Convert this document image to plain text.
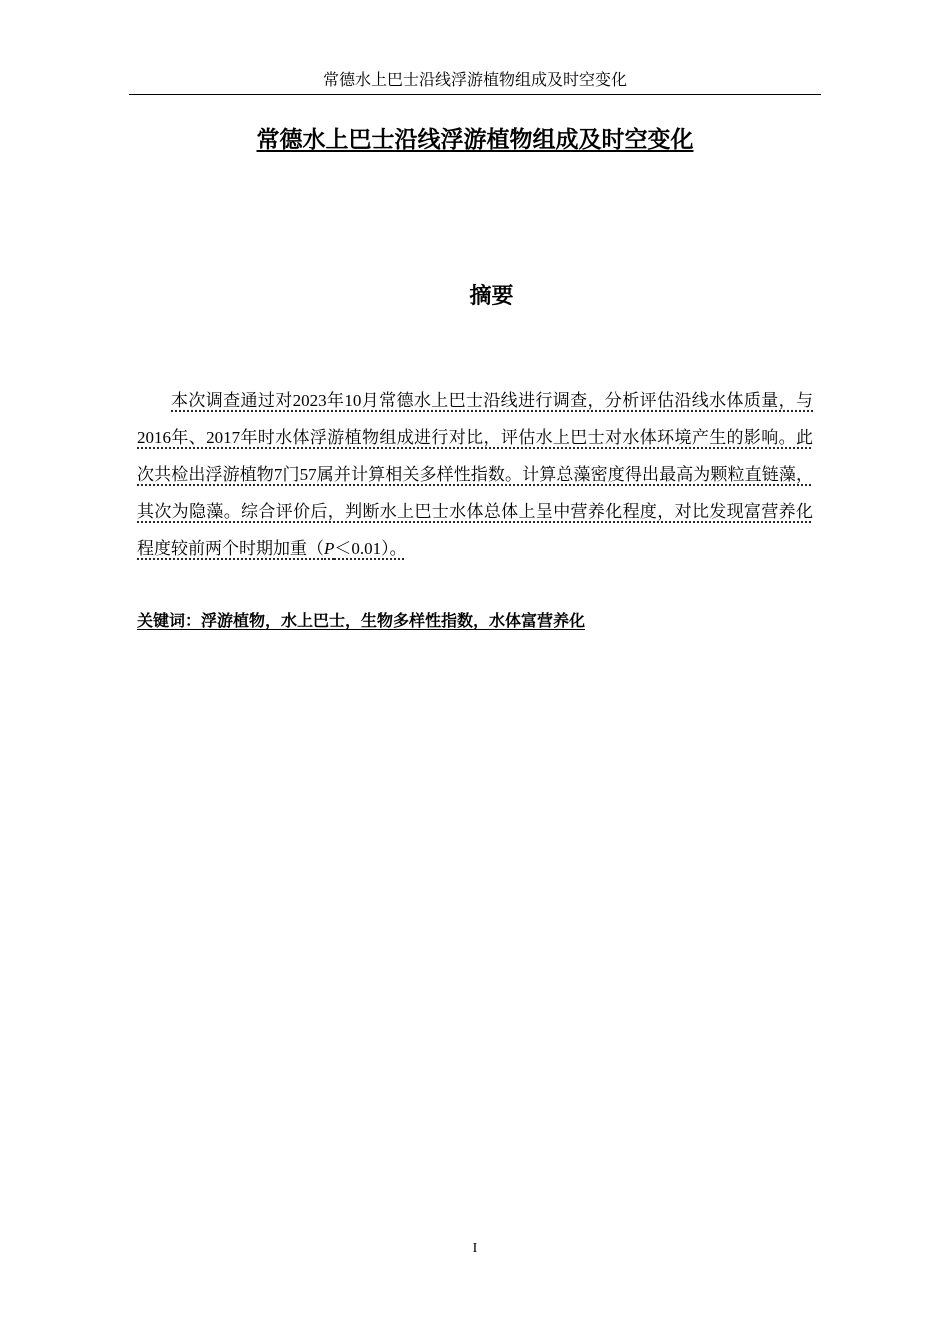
常德水上巴士沿线浮游植物组成及时空变化
常德水上巴士沿线浮游植物组成及时空变化
摘要

本次调查通过对2023年10月常德水上巴士沿线进行调查，分析评估沿线水体质量，与2016年、2017年时水体浮游植物组成进行对比，评估水上巴士对水体环境产生的影响。此次共检出浮游植物7门57属并计算相关多样性指数。计算总藻密度得出最高为颗粒直链藻，其次为隐藻。综合评价后，判断水上巴士水体总体上呈中营养化程度，对比发现富营养化程度较前两个时期加重（P＜0.01）。

关键词：浮游植物，水上巴士，生物多样性指数，水体富营养化

I
